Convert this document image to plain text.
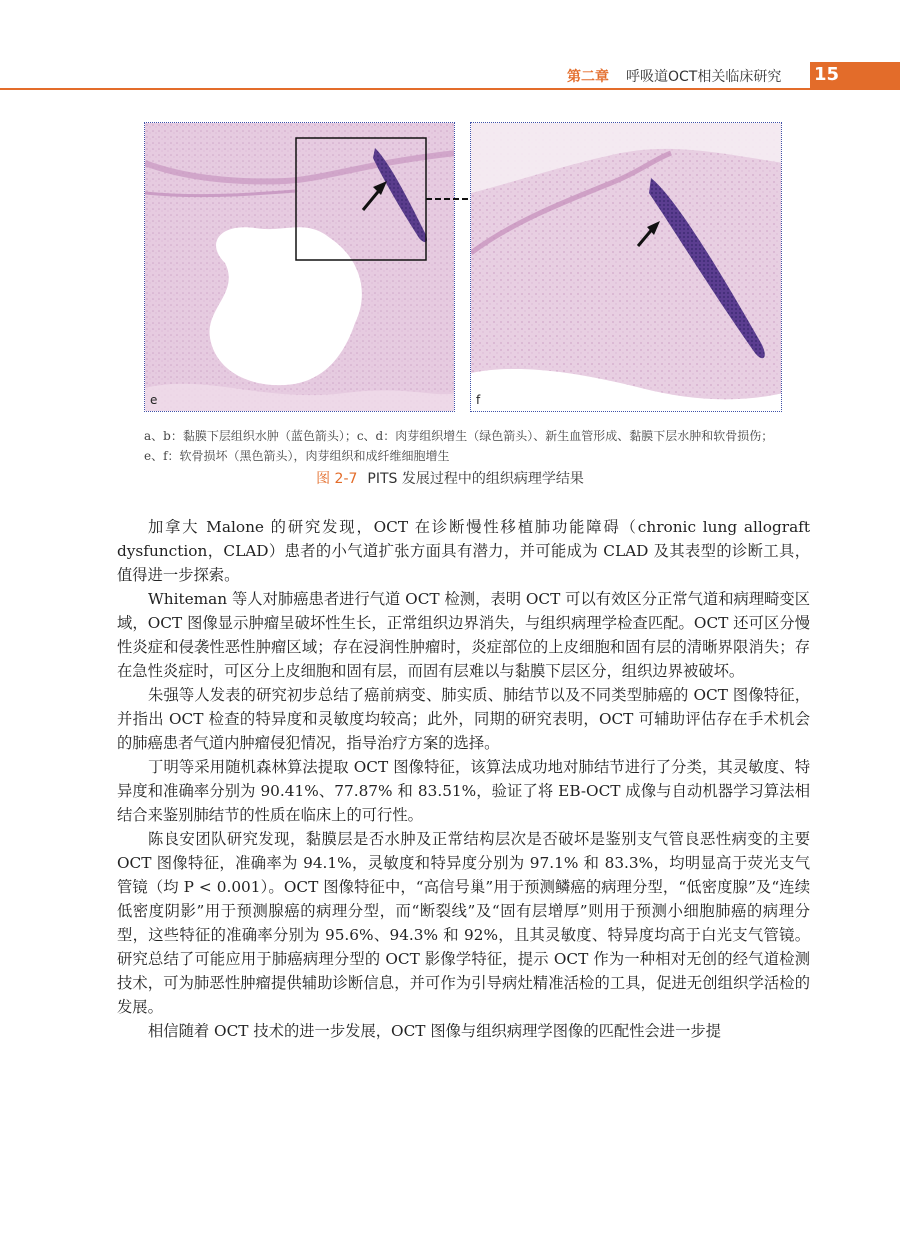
第二章 呼吸道OCT相关临床研究 15
e	f
a、b：黏膜下层组织水肿（蓝色箭头）；c、d：肉芽组织增生（绿色箭头）、新生血管形成、黏膜下层水肿和软骨损伤；
e、f：软骨损坏（黑色箭头），肉芽组织和成纤维细胞增生
图 2-7 PITS 发展过程中的组织病理学结果

加拿大 Malone 的研究发现，OCT 在诊断慢性移植肺功能障碍（chronic lung allograft dysfunction，CLAD）患者的小气道扩张方面具有潜力，并可能成为 CLAD 及其表型的诊断工具，值得进一步探索。

Whiteman 等人对肺癌患者进行气道 OCT 检测，表明 OCT 可以有效区分正常气道和病理畸变区域，OCT 图像显示肿瘤呈破坏性生长，正常组织边界消失，与组织病理学检查匹配。OCT 还可区分慢性炎症和侵袭性恶性肿瘤区域；存在浸润性肿瘤时，炎症部位的上皮细胞和固有层的清晰界限消失；存在急性炎症时，可区分上皮细胞和固有层，而固有层难以与黏膜下层区分，组织边界被破坏。

朱强等人发表的研究初步总结了癌前病变、肺实质、肺结节以及不同类型肺癌的 OCT 图像特征，并指出 OCT 检查的特异度和灵敏度均较高；此外，同期的研究表明，OCT 可辅助评估存在手术机会的肺癌患者气道内肿瘤侵犯情况，指导治疗方案的选择。

丁明等采用随机森林算法提取 OCT 图像特征，该算法成功地对肺结节进行了分类，其灵敏度、特异度和准确率分别为 90.41%、77.87% 和 83.51%，验证了将 EB-OCT 成像与自动机器学习算法相结合来鉴别肺结节的性质在临床上的可行性。

陈良安团队研究发现，黏膜层是否水肿及正常结构层次是否破坏是鉴别支气管良恶性病变的主要 OCT 图像特征，准确率为 94.1%，灵敏度和特异度分别为 97.1% 和 83.3%，均明显高于荧光支气管镜（均 P < 0.001）。OCT 图像特征中，“高信号巢”用于预测鳞癌的病理分型，“低密度腺”及“连续低密度阴影”用于预测腺癌的病理分型，而“断裂线”及“固有层增厚”则用于预测小细胞肺癌的病理分型，这些特征的准确率分别为 95.6%、94.3% 和 92%，且其灵敏度、特异度均高于白光支气管镜。研究总结了可能应用于肺癌病理分型的 OCT 影像学特征，提示 OCT 作为一种相对无创的经气道检测技术，可为肺恶性肿瘤提供辅助诊断信息，并可作为引导病灶精准活检的工具，促进无创组织学活检的发展。

相信随着 OCT 技术的进一步发展，OCT 图像与组织病理学图像的匹配性会进一步提
